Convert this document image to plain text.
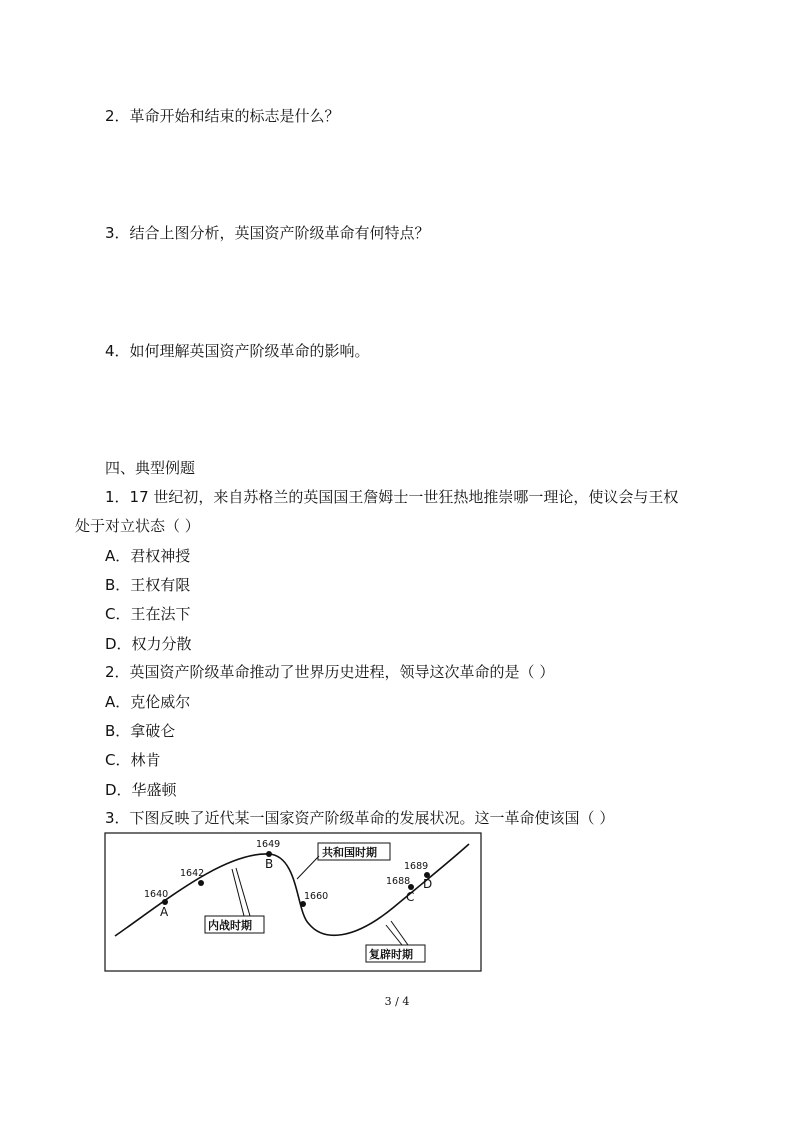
2．革命开始和结束的标志是什么？
3．结合上图分析，英国资产阶级革命有何特点？
4．如何理解英国资产阶级革命的影响。
四、典型例题
1．17 世纪初，来自苏格兰的英国国王詹姆士一世狂热地推崇哪一理论，使议会与王权
处于对立状态（ ）
A．君权神授
B．王权有限
C．王在法下
D．权力分散
2．英国资产阶级革命推动了世界历史进程，领导这次革命的是（ ）
A．克伦威尔
B．拿破仑
C．林肯
D．华盛顿
3．下图反映了近代某一国家资产阶级革命的发展状况。这一革命使该国（ ）
1640
1642
1649
1660
1688
1689
A
B
C
D
共和国时期
内战时期
复辟时期
3 / 4
